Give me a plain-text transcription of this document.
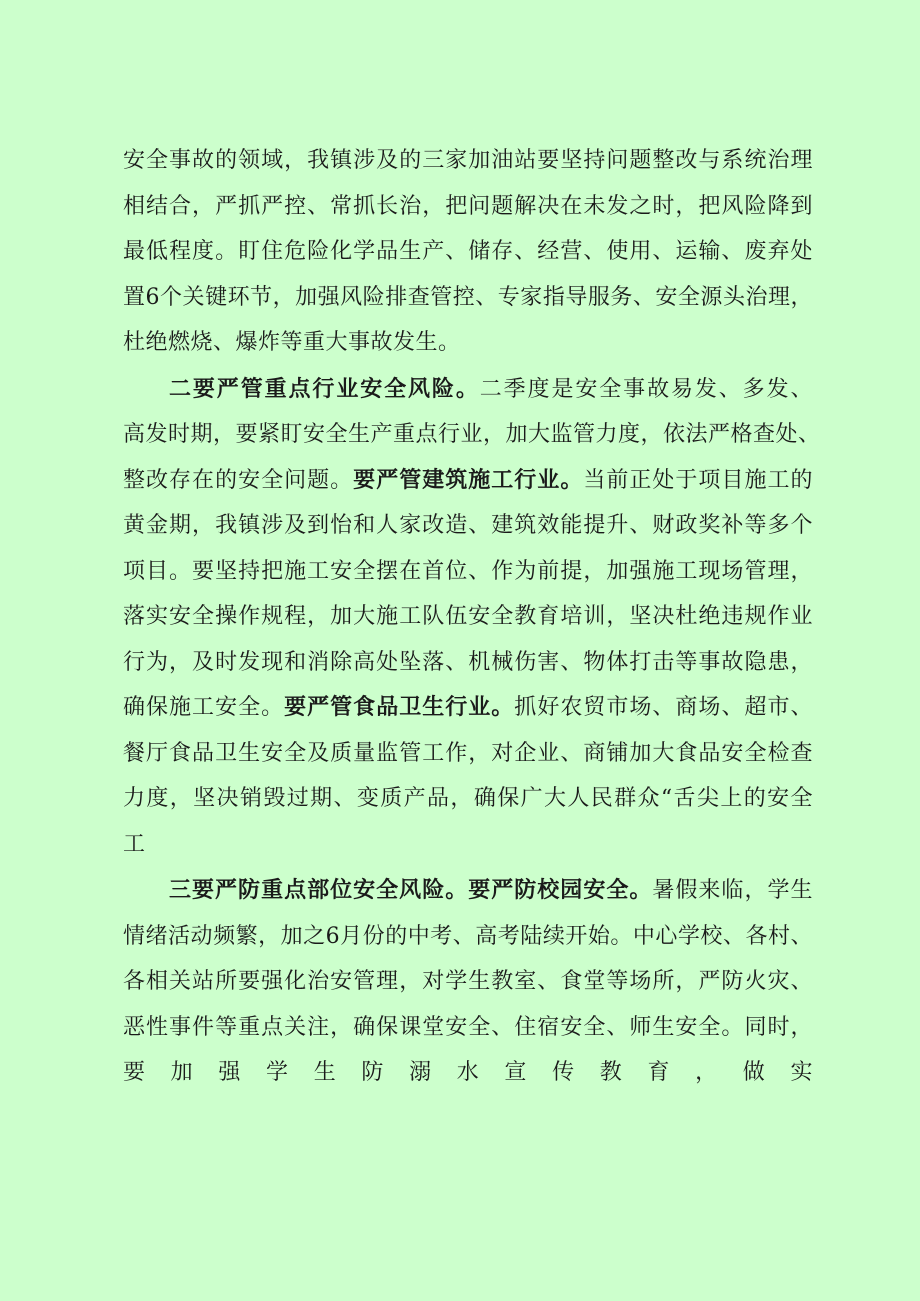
安全事故的领域，我镇涉及的三家加油站要坚持问题整改与系统治理
相结合，严抓严控、常抓长治，把问题解决在未发之时，把风险降到
最低程度。盯住危险化学品生产、储存、经营、使用、运输、废弃处
置6个关键环节，加强风险排查管控、专家指导服务、安全源头治理，
杜绝燃烧、爆炸等重大事故发生。
二要严管重点行业安全风险。二季度是安全事故易发、多发、
高发时期，要紧盯安全生产重点行业，加大监管力度，依法严格查处、
整改存在的安全问题。要严管建筑施工行业。当前正处于项目施工的
黄金期，我镇涉及到怡和人家改造、建筑效能提升、财政奖补等多个
项目。要坚持把施工安全摆在首位、作为前提，加强施工现场管理，
落实安全操作规程，加大施工队伍安全教育培训，坚决杜绝违规作业
行为，及时发现和消除高处坠落、机械伤害、物体打击等事故隐患，
确保施工安全。要严管食品卫生行业。抓好农贸市场、商场、超市、
餐厅食品卫生安全及质量监管工作，对企业、商铺加大食品安全检查
力度，坚决销毁过期、变质产品，确保广大人民群众“舌尖上的安全
工
三要严防重点部位安全风险。要严防校园安全。暑假来临，学生
情绪活动频繁，加之6月份的中考、高考陆续开始。中心学校、各村、
各相关站所要强化治安管理，对学生教室、食堂等场所，严防火灾、
恶性事件等重点关注，确保课堂安全、住宿安全、师生安全。同时，
要加强学生防溺水宣传教育，做实
